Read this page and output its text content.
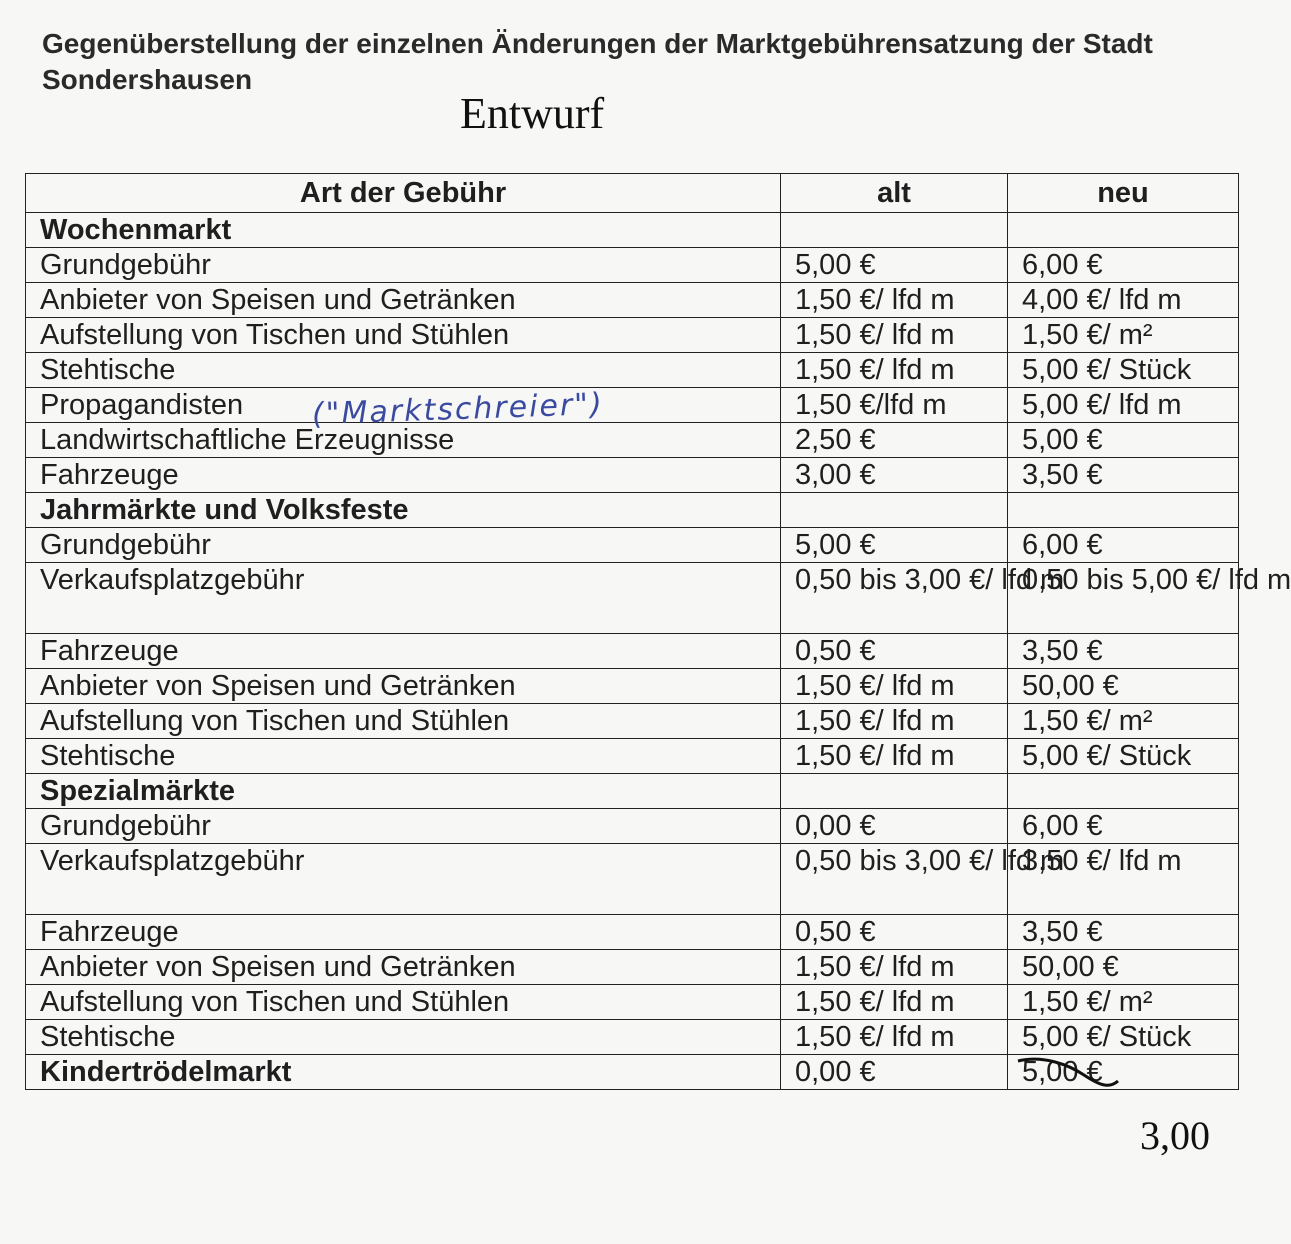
Gegenüberstellung der einzelnen Änderungen der Marktgebührensatzung der Stadt Sondershausen
Entwurf
Art der Gebühr	alt	neu
Wochenmarkt		
Grundgebühr	5,00 €	6,00 €
Anbieter von Speisen und Getränken	1,50 €/ lfd m	4,00 €/ lfd m
Aufstellung von Tischen und Stühlen	1,50 €/ lfd m	1,50 €/ m²
Stehtische	1,50 €/ lfd m	5,00 €/ Stück
Propagandisten	1,50 €/lfd m	5,00 €/ lfd m
Landwirtschaftliche Erzeugnisse	2,50 €	5,00 €
Fahrzeuge	3,00 €	3,50 €
Jahrmärkte und Volksfeste		
Grundgebühr	5,00 €	6,00 €
Verkaufsplatzgebühr	0,50 bis 3,00 €/ lfd m	0,50 bis 5,00 €/ lfd m
Fahrzeuge	0,50 €	3,50 €
Anbieter von Speisen und Getränken	1,50 €/ lfd m	50,00 €
Aufstellung von Tischen und Stühlen	1,50 €/ lfd m	1,50 €/ m²
Stehtische	1,50 €/ lfd m	5,00 €/ Stück
Spezialmärkte		
Grundgebühr	0,00 €	6,00 €
Verkaufsplatzgebühr	0,50 bis 3,00 €/ lfd m	3,50 €/ lfd m
Fahrzeuge	0,50 €	3,50 €
Anbieter von Speisen und Getränken	1,50 €/ lfd m	50,00 €
Aufstellung von Tischen und Stühlen	1,50 €/ lfd m	1,50 €/ m²
Stehtische	1,50 €/ lfd m	5,00 €/ Stück
Kindertrödelmarkt	0,00 €	5,00 €
("Marktschreier")
3,00
